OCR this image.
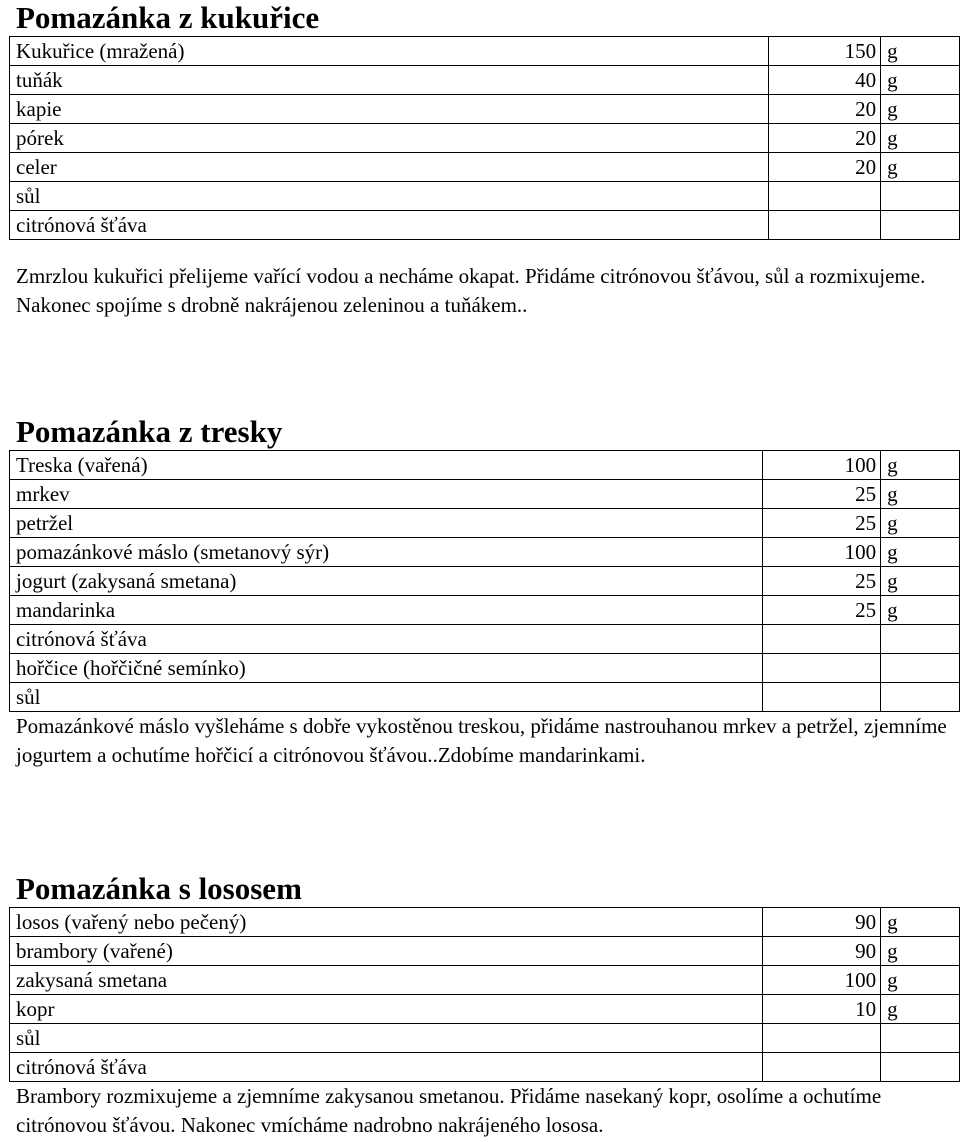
Pomazánka z kukuřice
Kukuřice (mražená)	150	g
tuňák	40	g
kapie	20	g
pórek	20	g
celer	20	g
sůl		
citrónová šťáva		

Zmrzlou kukuřici přelijeme vařící vodou a necháme okapat. Přidáme citrónovou šťávou, sůl a rozmixujeme. Nakonec spojíme s drobně nakrájenou zeleninou a tuňákem..

Pomazánka z tresky
Treska (vařená)	100	g
mrkev	25	g
petržel	25	g
pomazánkové máslo (smetanový sýr)	100	g
jogurt (zakysaná smetana)	25	g
mandarinka	25	g
citrónová šťáva		
hořčice (hořčičné semínko)		
sůl		

Pomazánkové máslo vyšleháme s dobře vykostěnou treskou, přidáme nastrouhanou mrkev a petržel, zjemníme jogurtem a ochutíme hořčicí a citrónovou šťávou..Zdobíme mandarinkami.

Pomazánka s lososem
losos (vařený nebo pečený)	90	g
brambory (vařené)	90	g
zakysaná smetana	100	g
kopr	10	g
sůl		
citrónová šťáva		

Brambory rozmixujeme a zjemníme zakysanou smetanou. Přidáme nasekaný kopr, osolíme a ochutíme citrónovou šťávou. Nakonec vmícháme nadrobno nakrájeného lososa.
